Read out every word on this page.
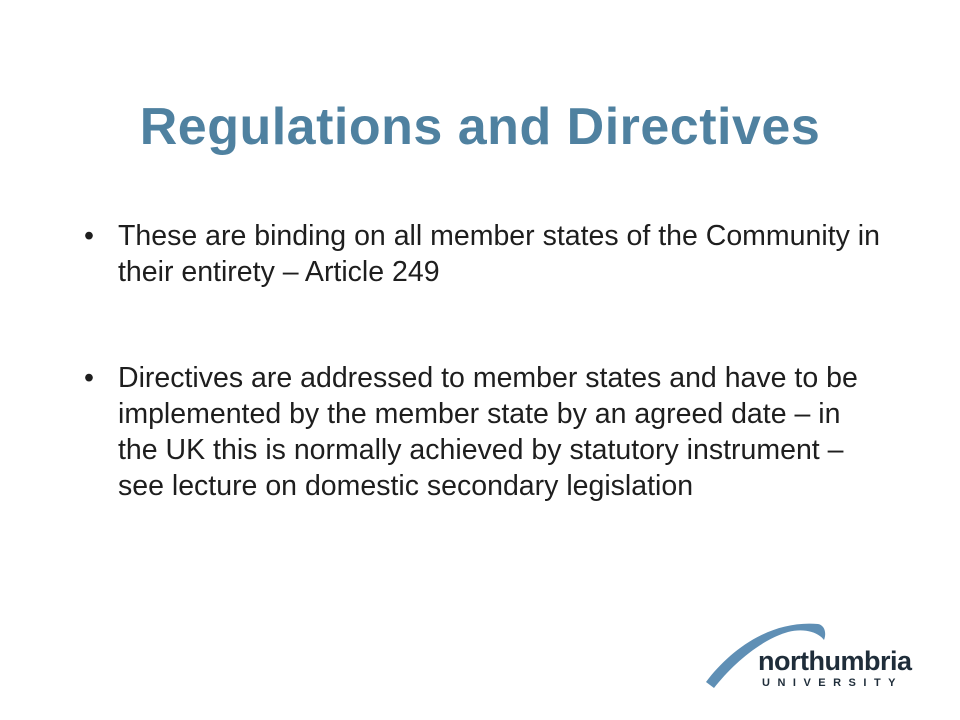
Regulations and Directives
• These are binding on all member states of the Community in their entirety – Article 249
• Directives are addressed to member states and have to be implemented by the member state by an agreed date – in the UK this is normally achieved by statutory instrument – see lecture on domestic secondary legislation
northumbria
UNIVERSITY
